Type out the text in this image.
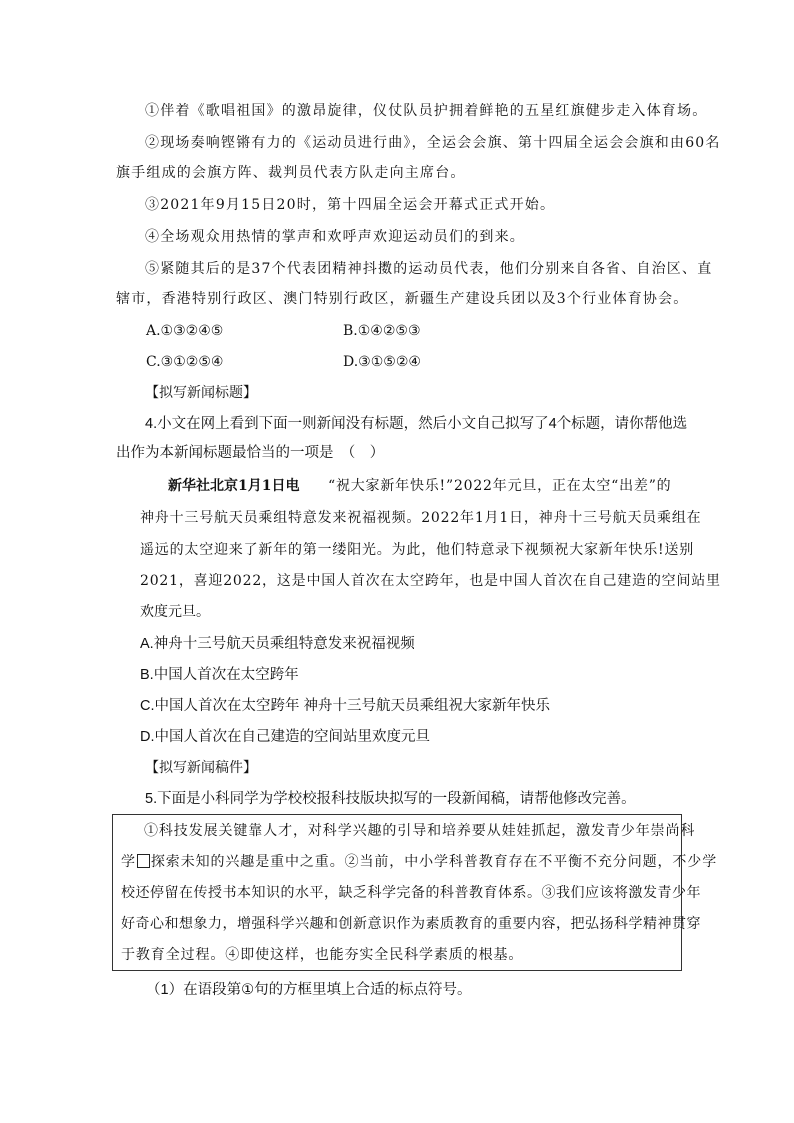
①伴着《歌唱祖国》的激昂旋律，仪仗队员护拥着鲜艳的五星红旗健步走入体育场。
②现场奏响铿锵有力的《运动员进行曲》，全运会会旗、第十四届全运会会旗和由60名
旗手组成的会旗方阵、裁判员代表方队走向主席台。
③2021年9月15日20时，第十四届全运会开幕式正式开始。
④全场观众用热情的掌声和欢呼声欢迎运动员们的到来。
⑤紧随其后的是37个代表团精神抖擞的运动员代表，他们分别来自各省、自治区、直
辖市，香港特别行政区、澳门特别行政区，新疆生产建设兵团以及3个行业体育协会。
A.①③②④⑤	B.①④②⑤③
C.③①②⑤④	D.③①⑤②④
【拟写新闻标题】
4.小文在网上看到下面一则新闻没有标题，然后小文自己拟写了4个标题，请你帮他选
出作为本新闻标题最恰当的一项是　（　）
新华社北京1月1日电 “祝大家新年快乐!”2022年元旦，正在太空“出差”的
神舟十三号航天员乘组特意发来祝福视频。2022年1月1日，神舟十三号航天员乘组在
遥远的太空迎来了新年的第一缕阳光。为此，他们特意录下视频祝大家新年快乐!送别
2021，喜迎2022，这是中国人首次在太空跨年，也是中国人首次在自己建造的空间站里
欢度元旦。
A.神舟十三号航天员乘组特意发来祝福视频
B.中国人首次在太空跨年
C.中国人首次在太空跨年 神舟十三号航天员乘组祝大家新年快乐
D.中国人首次在自己建造的空间站里欢度元旦
【拟写新闻稿件】
5.下面是小科同学为学校校报科技版块拟写的一段新闻稿，请帮他修改完善。
①科技发展关键靠人才，对科学兴趣的引导和培养要从娃娃抓起，激发青少年崇尚科
学 探索未知的兴趣是重中之重。②当前，中小学科普教育存在不平衡不充分问题，不少学
校还停留在传授书本知识的水平，缺乏科学完备的科普教育体系。③我们应该将激发青少年
好奇心和想象力，增强科学兴趣和创新意识作为素质教育的重要内容，把弘扬科学精神贯穿
于教育全过程。④即使这样，也能夯实全民科学素质的根基。
（1）在语段第①句的方框里填上合适的标点符号。
